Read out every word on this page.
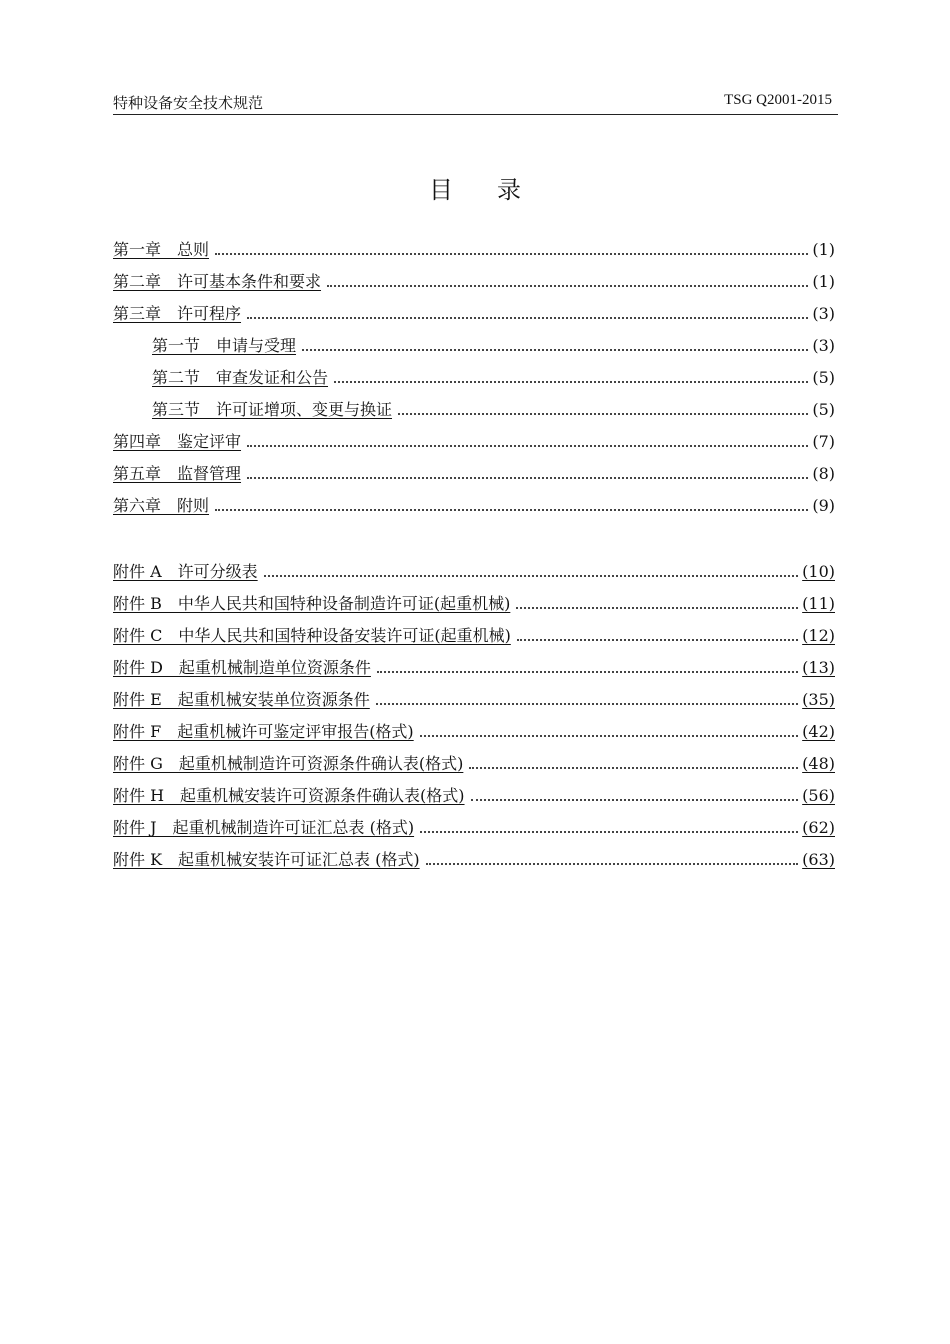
特种设备安全技术规范	TSG Q2001-2015
目录
第一章　总则	(1)
第二章　许可基本条件和要求	(1)
第三章　许可程序	(3)
第一节　申请与受理	(3)
第二节　审查发证和公告	(5)
第三节　许可证增项、变更与换证	(5)
第四章　鉴定评审	(7)
第五章　监督管理	(8)
第六章　附则	(9)
附件 A　许可分级表	(10)
附件 B　中华人民共和国特种设备制造许可证(起重机械)	(11)
附件 C　中华人民共和国特种设备安装许可证(起重机械)	(12)
附件 D　起重机械制造单位资源条件	(13)
附件 E　起重机械安装单位资源条件	(35)
附件 F　起重机械许可鉴定评审报告(格式)	(42)
附件 G　起重机械制造许可资源条件确认表(格式)	(48)
附件 H　起重机械安装许可资源条件确认表(格式)	(56)
附件 J　起重机械制造许可证汇总表 (格式)	(62)
附件 K　起重机械安装许可证汇总表 (格式)	(63)
